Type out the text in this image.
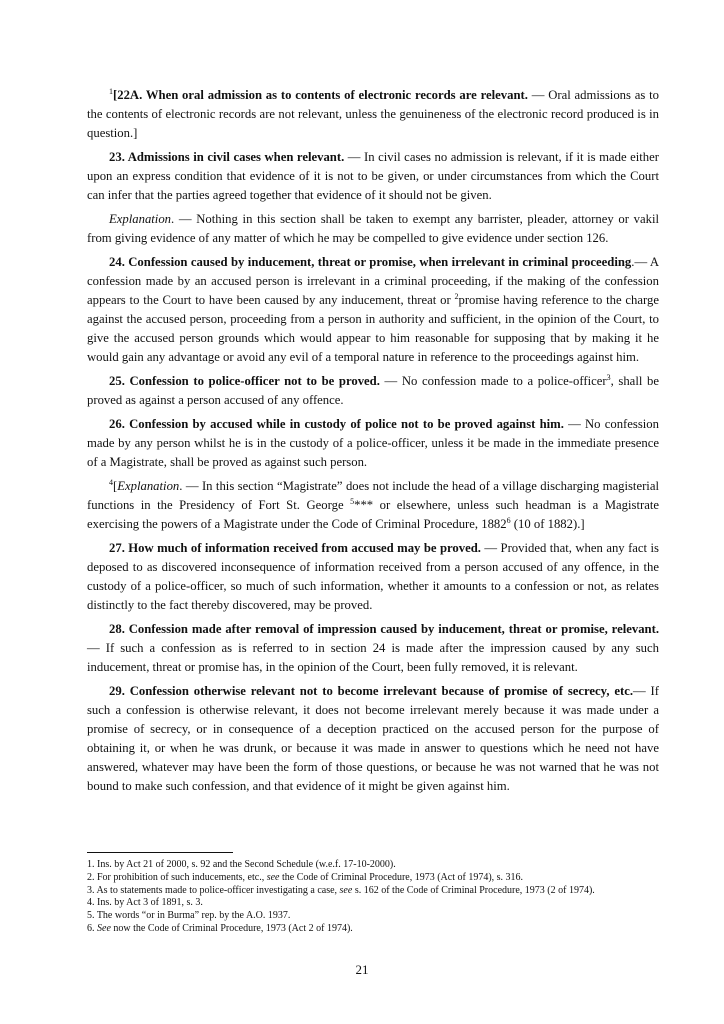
$^1$[22A. When oral admission as to contents of electronic records are relevant. — Oral admissions as to the contents of electronic records are not relevant, unless the genuineness of the electronic record produced is in question.]

23. Admissions in civil cases when relevant. — In civil cases no admission is relevant, if it is made either upon an express condition that evidence of it is not to be given, or under circumstances from which the Court can infer that the parties agreed together that evidence of it should not be given.

Explanation. — Nothing in this section shall be taken to exempt any barrister, pleader, attorney or vakil from giving evidence of any matter of which he may be compelled to give evidence under section 126.

24. Confession caused by inducement, threat or promise, when irrelevant in criminal proceeding.— A confession made by an accused person is irrelevant in a criminal proceeding, if the making of the confession appears to the Court to have been caused by any inducement, threat or $^2$promise having reference to the charge against the accused person, proceeding from a person in authority and sufficient, in the opinion of the Court, to give the accused person grounds which would appear to him reasonable for supposing that by making it he would gain any advantage or avoid any evil of a temporal nature in reference to the proceedings against him.

25. Confession to police-officer not to be proved. — No confession made to a police-officer$^3$, shall be proved as against a person accused of any offence.

26. Confession by accused while in custody of police not to be proved against him. — No confession made by any person whilst he is in the custody of a police-officer, unless it be made in the immediate presence of a Magistrate, shall be proved as against such person.

$^4$[Explanation. — In this section “Magistrate” does not include the head of a village discharging magisterial functions in the Presidency of Fort St. George $^5$*** or elsewhere, unless such headman is a Magistrate exercising the powers of a Magistrate under the Code of Criminal Procedure, 1882$^6$ (10 of 1882).]

27. How much of information received from accused may be proved. — Provided that, when any fact is deposed to as discovered inconsequence of information received from a person accused of any offence, in the custody of a police-officer, so much of such information, whether it amounts to a confession or not, as relates distinctly to the fact thereby discovered, may be proved.

28. Confession made after removal of impression caused by inducement, threat or promise, relevant. — If such a confession as is referred to in section 24 is made after the impression caused by any such inducement, threat or promise has, in the opinion of the Court, been fully removed, it is relevant.

29. Confession otherwise relevant not to become irrelevant because of promise of secrecy, etc.— If such a confession is otherwise relevant, it does not become irrelevant merely because it was made under a promise of secrecy, or in consequence of a deception practiced on the accused person for the purpose of obtaining it, or when he was drunk, or because it was made in answer to questions which he need not have answered, whatever may have been the form of those questions, or because he was not warned that he was not bound to make such confession, and that evidence of it might be given against him.

1. Ins. by Act 21 of 2000, s. 92 and the Second Schedule (w.e.f. 17-10-2000).

2. For prohibition of such inducements, etc., see the Code of Criminal Procedure, 1973 (Act of 1974), s. 316.

3. As to statements made to police-officer investigating a case, see s. 162 of the Code of Criminal Procedure, 1973 (2 of 1974).

4. Ins. by Act 3 of 1891, s. 3.

5. The words “or in Burma” rep. by the A.O. 1937.

6. See now the Code of Criminal Procedure, 1973 (Act 2 of 1974).

21
